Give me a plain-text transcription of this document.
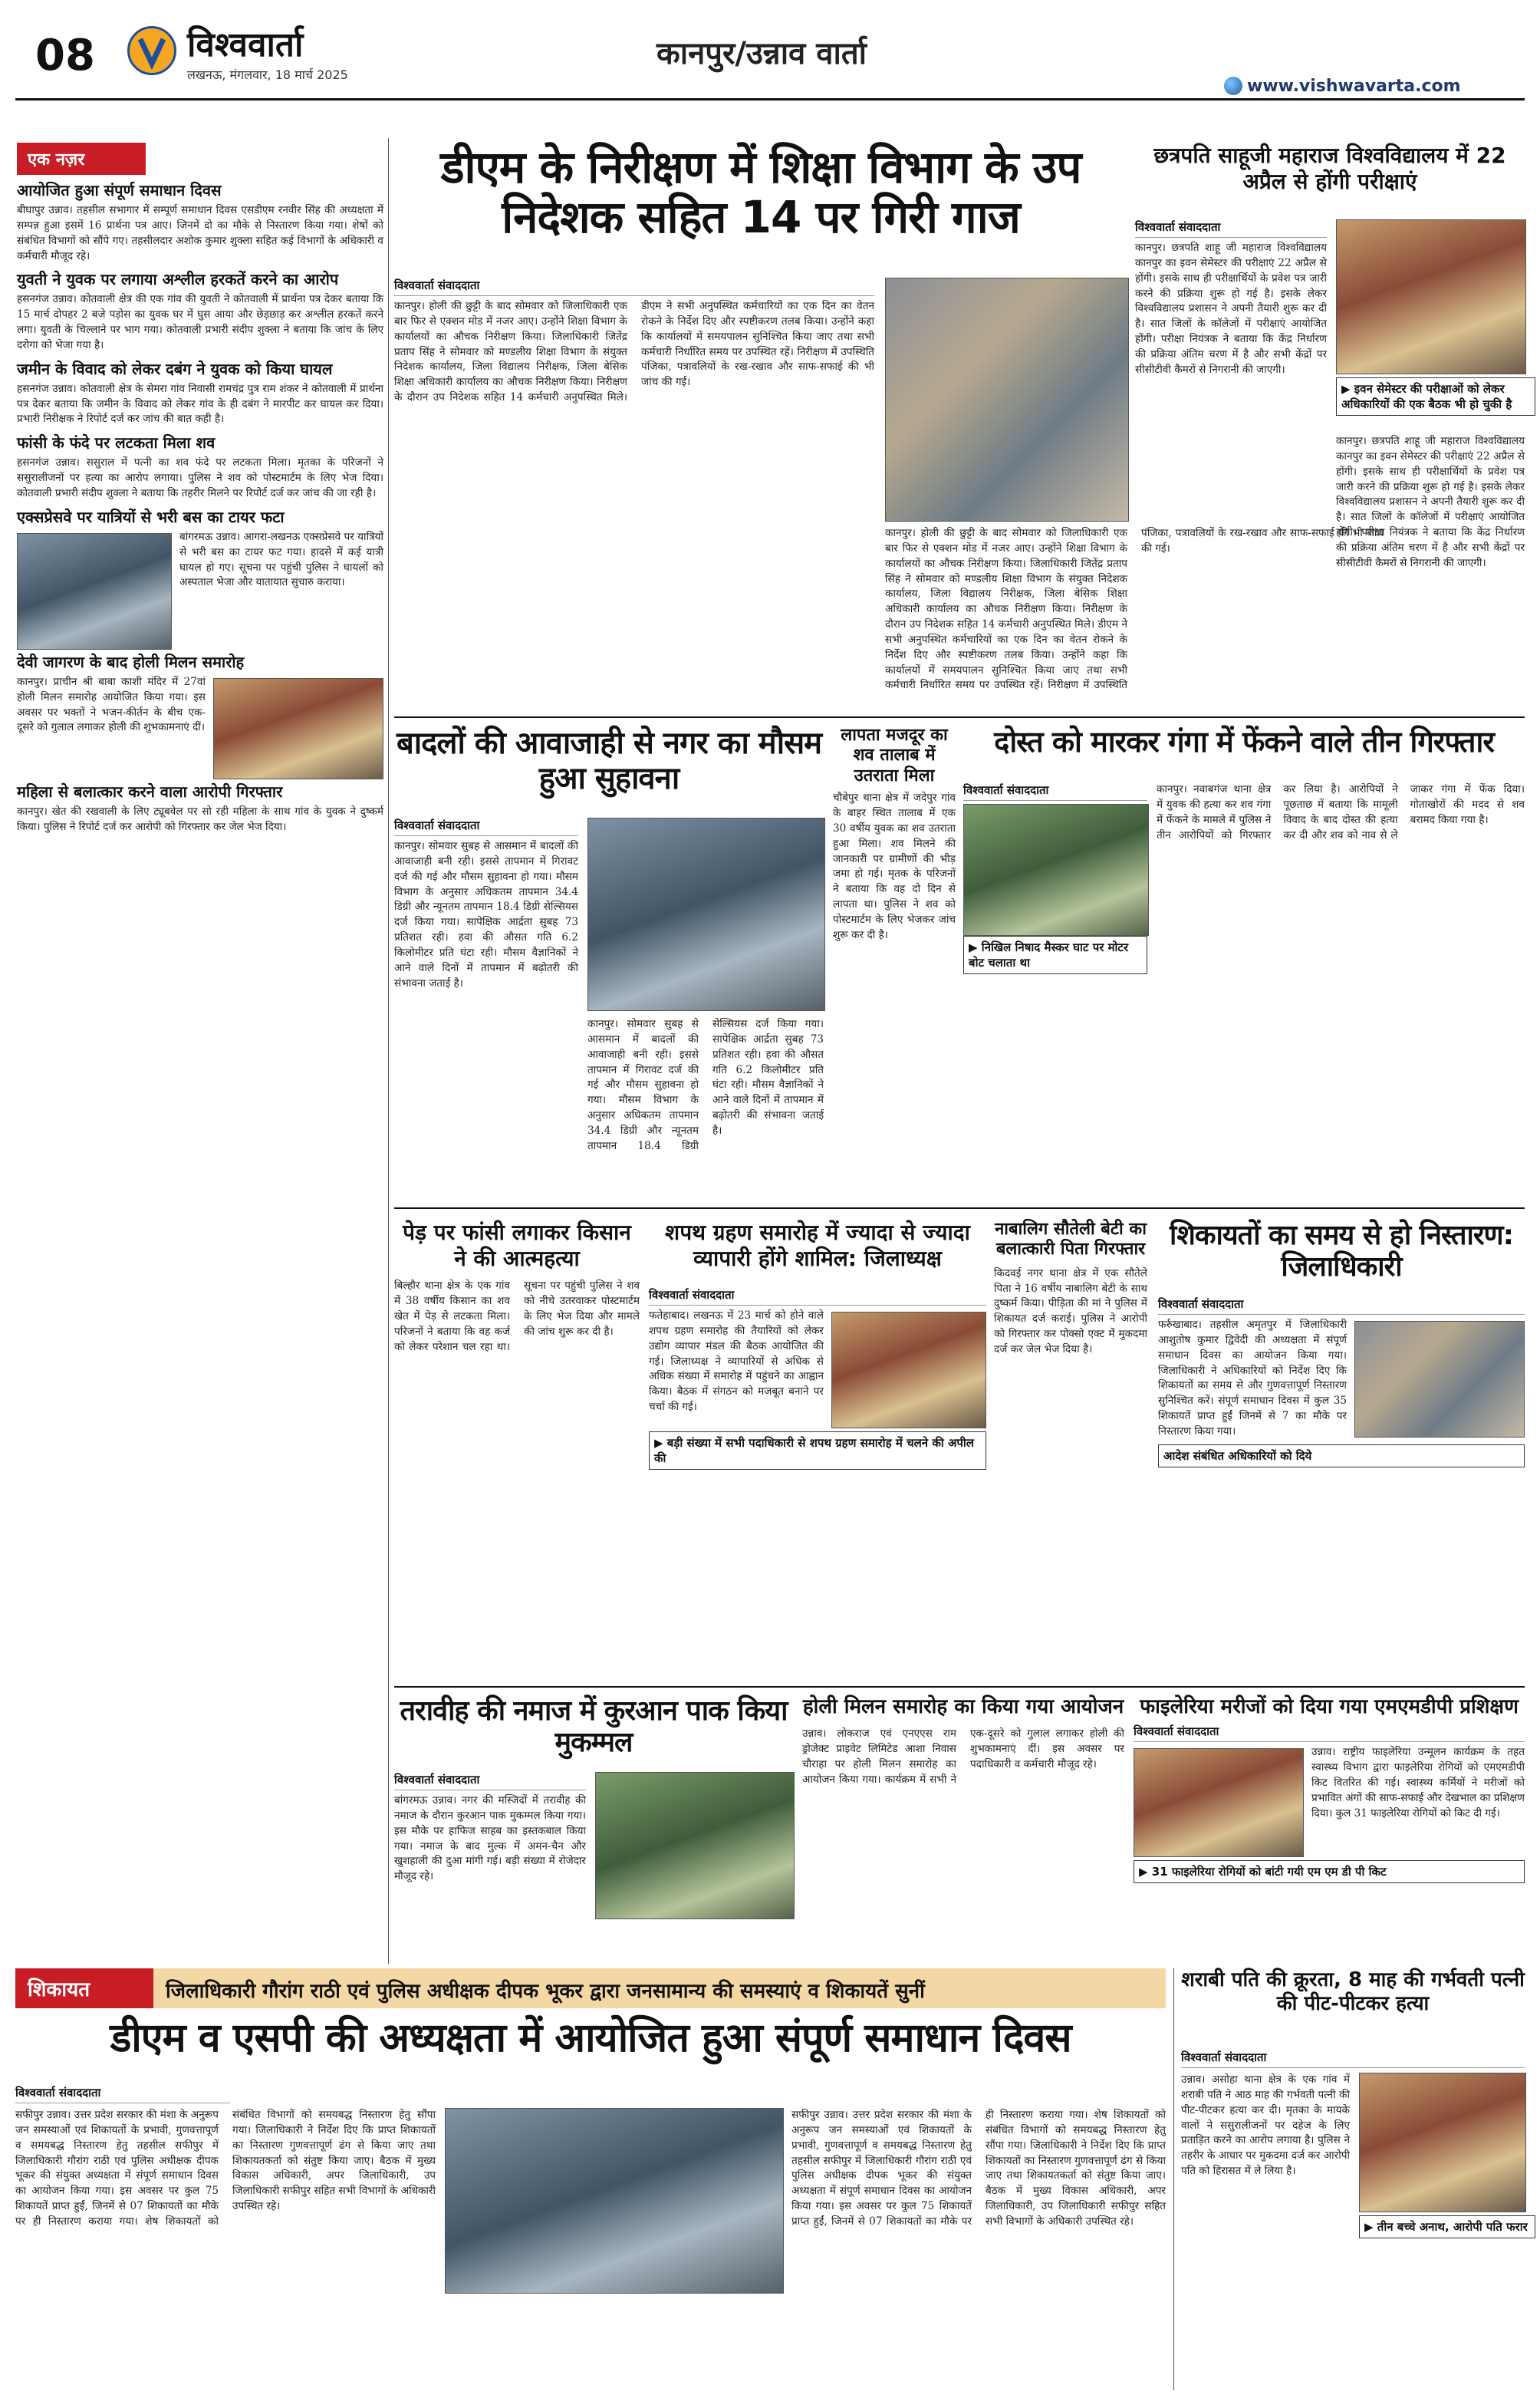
08	विश्ववार्ता
लखनऊ, मंगलवार, 18 मार्च 2025
कानपुर/उन्नाव वार्ता
www.vishwavarta.com
एक नज़र
आयोजित हुआ संपूर्ण समाधान दिवस
बीघापुर उन्नाव। तहसील सभागार में सम्पूर्ण समाधान दिवस एसडीएम रनवीर सिंह की अध्यक्षता में सम्पन्न हुआ इसमें 16 प्रार्थना पत्र आए। जिनमें दो का मौके से निस्तारण किया गया। शेषों को संबंधित विभागों को सौंपे गए। तहसीलदार अशोक कुमार शुक्ला सहित कई विभागों के अधिकारी व कर्मचारी मौजूद रहे।
युवती ने युवक पर लगाया अश्लील हरकतें करने का आरोप
हसनगंज उन्नाव। कोतवाली क्षेत्र की एक गांव की युवती ने कोतवाली में प्रार्थना पत्र देकर बताया कि 15 मार्च दोपहर 2 बजे पड़ोस का युवक घर में घुस आया और छेड़छाड़ कर अश्लील हरकतें करने लगा। युवती के चिल्लाने पर भाग गया। कोतवाली प्रभारी संदीप शुक्ला ने बताया कि जांच के लिए दरोगा को भेजा गया है।
जमीन के विवाद को लेकर दबंग ने युवक को किया घायल
हसनगंज उन्नाव। कोतवाली क्षेत्र के सेमरा गांव निवासी रामचंद्र पुत्र राम शंकर ने कोतवाली में प्रार्थना पत्र देकर बताया कि जमीन के विवाद को लेकर गांव के ही दबंग ने मारपीट कर घायल कर दिया। प्रभारी निरीक्षक ने रिपोर्ट दर्ज कर जांच की बात कही है।
फांसी के फंदे पर लटकता मिला शव
हसनगंज उन्नाव। ससुराल में पत्नी का शव फंदे पर लटकता मिला। मृतका के परिजनों ने ससुरालीजनों पर हत्या का आरोप लगाया। पुलिस ने शव को पोस्टमार्टम के लिए भेज दिया। कोतवाली प्रभारी संदीप शुक्ला ने बताया कि तहरीर मिलने पर रिपोर्ट दर्ज कर जांच की जा रही है।
एक्सप्रेसवे पर यात्रियों से भरी बस का टायर फटा
बांगरमऊ उन्नाव। आगरा-लखनऊ एक्सप्रेसवे पर यात्रियों से भरी बस का टायर फट गया। हादसे में कई यात्री घायल हो गए। सूचना पर पहुंची पुलिस ने घायलों को अस्पताल भेजा और यातायात सुचारु कराया।
देवी जागरण के बाद होली मिलन समारोह
कानपुर। प्राचीन श्री बाबा काशी मंदिर में 27वां होली मिलन समारोह आयोजित किया गया। इस अवसर पर भक्तों ने भजन-कीर्तन के बीच एक-दूसरे को गुलाल लगाकर होली की शुभकामनाएं दीं।
महिला से बलात्कार करने वाला आरोपी गिरफ्तार
कानपुर। खेत की रखवाली के लिए ट्यूबवेल पर सो रही महिला के साथ गांव के युवक ने दुष्कर्म किया। पुलिस ने रिपोर्ट दर्ज कर आरोपी को गिरफ्तार कर जेल भेज दिया।
डीएम के निरीक्षण में शिक्षा विभाग के उप निदेशक सहित 14 पर गिरी गाज
विश्ववार्ता संवाददाता
कानपुर। होली की छुट्टी के बाद सोमवार को जिलाधिकारी एक बार फिर से एक्शन मोड में नजर आए। उन्होंने शिक्षा विभाग के कार्यालयों का औचक निरीक्षण किया। जिलाधिकारी जितेंद्र प्रताप सिंह ने सोमवार को मण्डलीय शिक्षा विभाग के संयुक्त निदेशक कार्यालय, जिला विद्यालय निरीक्षक, जिला बेसिक शिक्षा अधिकारी कार्यालय का औचक निरीक्षण किया। निरीक्षण के दौरान उप निदेशक सहित 14 कर्मचारी अनुपस्थित मिले। डीएम ने सभी अनुपस्थित कर्मचारियों का एक दिन का वेतन रोकने के निर्देश दिए और स्पष्टीकरण तलब किया। उन्होंने कहा कि कार्यालयों में समयपालन सुनिश्चित किया जाए तथा सभी कर्मचारी निर्धारित समय पर उपस्थित रहें। निरीक्षण में उपस्थिति पंजिका, पत्रावलियों के रख-रखाव और साफ-सफाई की भी जांच की गई।
कानपुर। होली की छुट्टी के बाद सोमवार को जिलाधिकारी एक बार फिर से एक्शन मोड में नजर आए। उन्होंने शिक्षा विभाग के कार्यालयों का औचक निरीक्षण किया। जिलाधिकारी जितेंद्र प्रताप सिंह ने सोमवार को मण्डलीय शिक्षा विभाग के संयुक्त निदेशक कार्यालय, जिला विद्यालय निरीक्षक, जिला बेसिक शिक्षा अधिकारी कार्यालय का औचक निरीक्षण किया। निरीक्षण के दौरान उप निदेशक सहित 14 कर्मचारी अनुपस्थित मिले। डीएम ने सभी अनुपस्थित कर्मचारियों का एक दिन का वेतन रोकने के निर्देश दिए और स्पष्टीकरण तलब किया। उन्होंने कहा कि कार्यालयों में समयपालन सुनिश्चित किया जाए तथा सभी कर्मचारी निर्धारित समय पर उपस्थित रहें। निरीक्षण में उपस्थिति पंजिका, पत्रावलियों के रख-रखाव और साफ-सफाई की भी जांच की गई।
छत्रपति साहूजी महाराज विश्वविद्यालय में 22 अप्रैल से होंगी परीक्षाएं
विश्ववार्ता संवाददाता
कानपुर। छत्रपति शाहू जी महाराज विश्वविद्यालय कानपुर का इवन सेमेस्टर की परीक्षाएं 22 अप्रैल से होंगी। इसके साथ ही परीक्षार्थियों के प्रवेश पत्र जारी करने की प्रक्रिया शुरू हो गई है। इसके लेकर विश्वविद्यालय प्रशासन ने अपनी तैयारी शुरू कर दी है। सात जिलों के कॉलेजों में परीक्षाएं आयोजित होंगी। परीक्षा नियंत्रक ने बताया कि केंद्र निर्धारण की प्रक्रिया अंतिम चरण में है और सभी केंद्रों पर सीसीटीवी कैमरों से निगरानी की जाएगी।
▶ इवन सेमेस्टर की परीक्षाओं को लेकर अधिकारियों की एक बैठक भी हो चुकी है
कानपुर। छत्रपति शाहू जी महाराज विश्वविद्यालय कानपुर का इवन सेमेस्टर की परीक्षाएं 22 अप्रैल से होंगी। इसके साथ ही परीक्षार्थियों के प्रवेश पत्र जारी करने की प्रक्रिया शुरू हो गई है। इसके लेकर विश्वविद्यालय प्रशासन ने अपनी तैयारी शुरू कर दी है। सात जिलों के कॉलेजों में परीक्षाएं आयोजित होंगी। परीक्षा नियंत्रक ने बताया कि केंद्र निर्धारण की प्रक्रिया अंतिम चरण में है और सभी केंद्रों पर सीसीटीवी कैमरों से निगरानी की जाएगी।
बादलों की आवाजाही से नगर का मौसम हुआ सुहावना
विश्ववार्ता संवाददाता
कानपुर। सोमवार सुबह से आसमान में बादलों की आवाजाही बनी रही। इससे तापमान में गिरावट दर्ज की गई और मौसम सुहावना हो गया। मौसम विभाग के अनुसार अधिकतम तापमान 34.4 डिग्री और न्यूनतम तापमान 18.4 डिग्री सेल्सियस दर्ज किया गया। सापेक्षिक आर्द्रता सुबह 73 प्रतिशत रही। हवा की औसत गति 6.2 किलोमीटर प्रति घंटा रही। मौसम वैज्ञानिकों ने आने वाले दिनों में तापमान में बढ़ोतरी की संभावना जताई है।
कानपुर। सोमवार सुबह से आसमान में बादलों की आवाजाही बनी रही। इससे तापमान में गिरावट दर्ज की गई और मौसम सुहावना हो गया। मौसम विभाग के अनुसार अधिकतम तापमान 34.4 डिग्री और न्यूनतम तापमान 18.4 डिग्री सेल्सियस दर्ज किया गया। सापेक्षिक आर्द्रता सुबह 73 प्रतिशत रही। हवा की औसत गति 6.2 किलोमीटर प्रति घंटा रही। मौसम वैज्ञानिकों ने आने वाले दिनों में तापमान में बढ़ोतरी की संभावना जताई है।
लापता मजदूर का शव तालाब में उतराता मिला
चौबेपुर थाना क्षेत्र में जदेपुर गांव के बाहर स्थित तालाब में एक 30 वर्षीय युवक का शव उतराता हुआ मिला। शव मिलने की जानकारी पर ग्रामीणों की भीड़ जमा हो गई। मृतक के परिजनों ने बताया कि वह दो दिन से लापता था। पुलिस ने शव को पोस्टमार्टम के लिए भेजकर जांच शुरू कर दी है।
दोस्त को मारकर गंगा में फेंकने वाले तीन गिरफ्तार
विश्ववार्ता संवाददाता
▶ निखिल निषाद मैस्कर घाट पर मोटर बोट चलाता था
कानपुर। नवाबगंज थाना क्षेत्र में युवक की हत्या कर शव गंगा में फेंकने के मामले में पुलिस ने तीन आरोपियों को गिरफ्तार कर लिया है। आरोपियों ने पूछताछ में बताया कि मामूली विवाद के बाद दोस्त की हत्या कर दी और शव को नाव से ले जाकर गंगा में फेंक दिया। गोताखोरों की मदद से शव बरामद किया गया है।
पेड़ पर फांसी लगाकर किसान ने की आत्महत्या
बिल्हौर थाना क्षेत्र के एक गांव में 38 वर्षीय किसान का शव खेत में पेड़ से लटकता मिला। परिजनों ने बताया कि वह कर्ज को लेकर परेशान चल रहा था। सूचना पर पहुंची पुलिस ने शव को नीचे उतरवाकर पोस्टमार्टम के लिए भेज दिया और मामले की जांच शुरू कर दी है।
शपथ ग्रहण समारोह में ज्यादा से ज्यादा व्यापारी होंगे शामिल: जिलाध्यक्ष
विश्ववार्ता संवाददाता
फतेहाबाद। लखनऊ में 23 मार्च को होने वाले शपथ ग्रहण समारोह की तैयारियों को लेकर उद्योग व्यापार मंडल की बैठक आयोजित की गई। जिलाध्यक्ष ने व्यापारियों से अधिक से अधिक संख्या में समारोह में पहुंचने का आह्वान किया। बैठक में संगठन को मजबूत बनाने पर चर्चा की गई।
▶ बड़ी संख्या में सभी पदाधिकारी से शपथ ग्रहण समारोह में चलने की अपील की
नाबालिग सौतेली बेटी का बलात्कारी पिता गिरफ्तार
किदवई नगर थाना क्षेत्र में एक सौतेले पिता ने 16 वर्षीय नाबालिग बेटी के साथ दुष्कर्म किया। पीड़िता की मां ने पुलिस में शिकायत दर्ज कराई। पुलिस ने आरोपी को गिरफ्तार कर पोक्सो एक्ट में मुकदमा दर्ज कर जेल भेज दिया है।
शिकायतों का समय से हो निस्तारण: जिलाधिकारी
विश्ववार्ता संवाददाता
फर्रुखाबाद। तहसील अमृतपुर में जिलाधिकारी आशुतोष कुमार द्विवेदी की अध्यक्षता में संपूर्ण समाधान दिवस का आयोजन किया गया। जिलाधिकारी ने अधिकारियों को निर्देश दिए कि शिकायतों का समय से और गुणवत्तापूर्ण निस्तारण सुनिश्चित करें। संपूर्ण समाधान दिवस में कुल 35 शिकायतें प्राप्त हुईं जिनमें से 7 का मौके पर निस्तारण किया गया।
आदेश संबंधित अधिकारियों को दिये
तरावीह की नमाज में कुरआन पाक किया मुकम्मल
विश्ववार्ता संवाददाता
बांगरमऊ उन्नाव। नगर की मस्जिदों में तरावीह की नमाज के दौरान कुरआन पाक मुकम्मल किया गया। इस मौके पर हाफिज साहब का इस्तकबाल किया गया। नमाज के बाद मुल्क में अमन-चैन और खुशहाली की दुआ मांगी गई। बड़ी संख्या में रोजेदार मौजूद रहे।
होली मिलन समारोह का किया गया आयोजन
उन्नाव। लोकराज एवं एनएएस राम ड्रोजेक्ट प्राइवेट लिमिटेड आशा निवास चौराहा पर होली मिलन समारोह का आयोजन किया गया। कार्यक्रम में सभी ने एक-दूसरे को गुलाल लगाकर होली की शुभकामनाएं दीं। इस अवसर पर पदाधिकारी व कर्मचारी मौजूद रहे।
फाइलेरिया मरीजों को दिया गया एमएमडीपी प्रशिक्षण
विश्ववार्ता संवाददाता
उन्नाव। राष्ट्रीय फाइलेरिया उन्मूलन कार्यक्रम के तहत स्वास्थ्य विभाग द्वारा फाइलेरिया रोगियों को एमएमडीपी किट वितरित की गई। स्वास्थ्य कर्मियों ने मरीजों को प्रभावित अंगों की साफ-सफाई और देखभाल का प्रशिक्षण दिया। कुल 31 फाइलेरिया रोगियों को किट दी गई।
▶ 31 फाइलेरिया रोगियों को बांटी गयी एम एम डी पी किट
शिकायत	जिलाधिकारी गौरांग राठी एवं पुलिस अधीक्षक दीपक भूकर द्वारा जनसामान्य की समस्याएं व शिकायतें सुनीं
डीएम व एसपी की अध्यक्षता में आयोजित हुआ संपूर्ण समाधान दिवस
विश्ववार्ता संवाददाता
सफीपुर उन्नाव। उत्तर प्रदेश सरकार की मंशा के अनुरूप जन समस्याओं एवं शिकायतों के प्रभावी, गुणवत्तापूर्ण व समयबद्ध निस्तारण हेतु तहसील सफीपुर में जिलाधिकारी गौरांग राठी एवं पुलिस अधीक्षक दीपक भूकर की संयुक्त अध्यक्षता में संपूर्ण समाधान दिवस का आयोजन किया गया। इस अवसर पर कुल 75 शिकायतें प्राप्त हुईं, जिनमें से 07 शिकायतों का मौके पर ही निस्तारण कराया गया। शेष शिकायतों को संबंधित विभागों को समयबद्ध निस्तारण हेतु सौंपा गया। जिलाधिकारी ने निर्देश दिए कि प्राप्त शिकायतों का निस्तारण गुणवत्तापूर्ण ढंग से किया जाए तथा शिकायतकर्ता को संतुष्ट किया जाए। बैठक में मुख्य विकास अधिकारी, अपर जिलाधिकारी, उप जिलाधिकारी सफीपुर सहित सभी विभागों के अधिकारी उपस्थित रहे।
सफीपुर उन्नाव। उत्तर प्रदेश सरकार की मंशा के अनुरूप जन समस्याओं एवं शिकायतों के प्रभावी, गुणवत्तापूर्ण व समयबद्ध निस्तारण हेतु तहसील सफीपुर में जिलाधिकारी गौरांग राठी एवं पुलिस अधीक्षक दीपक भूकर की संयुक्त अध्यक्षता में संपूर्ण समाधान दिवस का आयोजन किया गया। इस अवसर पर कुल 75 शिकायतें प्राप्त हुईं, जिनमें से 07 शिकायतों का मौके पर ही निस्तारण कराया गया। शेष शिकायतों को संबंधित विभागों को समयबद्ध निस्तारण हेतु सौंपा गया। जिलाधिकारी ने निर्देश दिए कि प्राप्त शिकायतों का निस्तारण गुणवत्तापूर्ण ढंग से किया जाए तथा शिकायतकर्ता को संतुष्ट किया जाए। बैठक में मुख्य विकास अधिकारी, अपर जिलाधिकारी, उप जिलाधिकारी सफीपुर सहित सभी विभागों के अधिकारी उपस्थित रहे।
शराबी पति की क्रूरता, 8 माह की गर्भवती पत्नी की पीट-पीटकर हत्या
विश्ववार्ता संवाददाता
उन्नाव। असोहा थाना क्षेत्र के एक गांव में शराबी पति ने आठ माह की गर्भवती पत्नी की पीट-पीटकर हत्या कर दी। मृतका के मायके वालों ने ससुरालीजनों पर दहेज के लिए प्रताड़ित करने का आरोप लगाया है। पुलिस ने तहरीर के आधार पर मुकदमा दर्ज कर आरोपी पति को हिरासत में ले लिया है।
▶ तीन बच्चे अनाथ, आरोपी पति फरार
